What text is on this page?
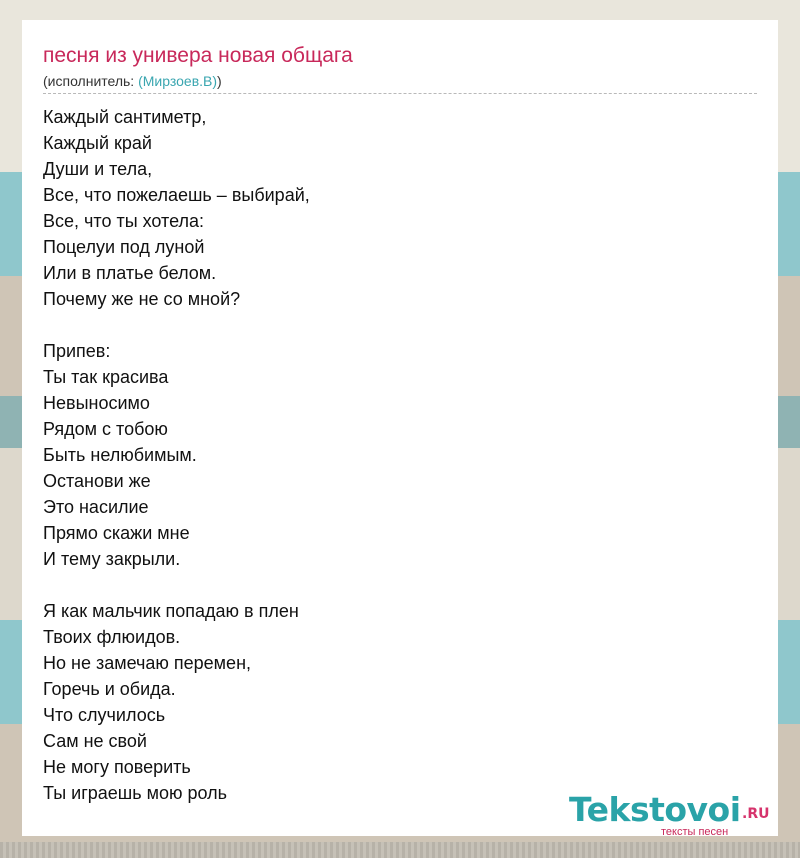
песня из универа новая общага
(исполнитель: (Мирзоев.В))
Каждый сантиметр,
Каждый край
Души и тела,
Все, что пожелаешь – выбирай,
Все, что ты хотела:
Поцелуи под луной
Или в платье белом.
Почему же не со мной?
Припев:
Ты так красива
Невыносимо
Рядом с тобою
Быть нелюбимым.
Останови же
Это насилие
Прямо скажи мне
И тему закрыли.
Я как мальчик попадаю в плен
Твоих флюидов.
Но не замечаю перемен,
Горечь и обида.
Что случилось
Сам не свой
Не могу поверить
Ты играешь мою роль	Tekstovoi .RU
тексты песен
